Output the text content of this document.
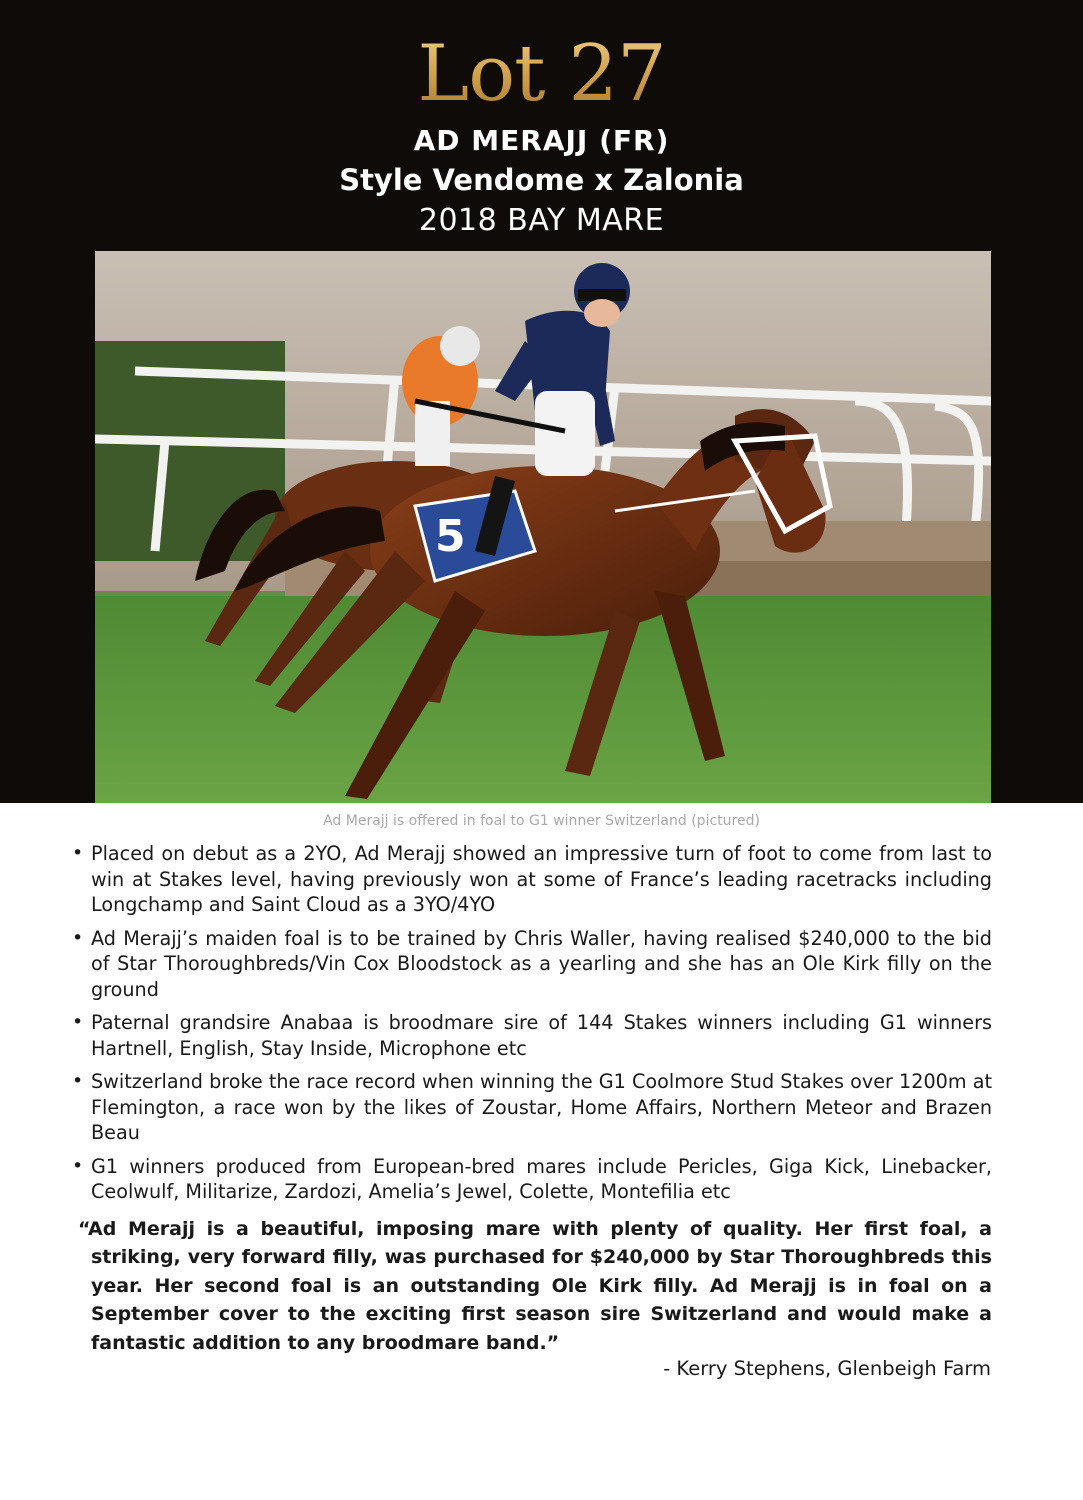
Lot 27
AD MERAJJ (FR)
Style Vendome x Zalonia
2018 BAY MARE
5
Ad Merajj is offered in foal to G1 winner Switzerland (pictured)
• Placed on debut as a 2YO, Ad Merajj showed an impressive turn of foot to come from last to win at Stakes level, having previously won at some of France’s leading racetracks including Longchamp and Saint Cloud as a 3YO/4YO
• Ad Merajj’s maiden foal is to be trained by Chris Waller, having realised $240,000 to the bid of Star Thoroughbreds/Vin Cox Bloodstock as a yearling and she has an Ole Kirk filly on the ground
• Paternal grandsire Anabaa is broodmare sire of 144 Stakes winners including G1 winners Hartnell, English, Stay Inside, Microphone etc
• Switzerland broke the race record when winning the G1 Coolmore Stud Stakes over 1200m at Flemington, a race won by the likes of Zoustar, Home Affairs, Northern Meteor and Brazen Beau
• G1 winners produced from European-bred mares include Pericles, Giga Kick, Linebacker, Ceolwulf, Militarize, Zardozi, Amelia’s Jewel, Colette, Montefilia etc

“Ad Merajj is a beautiful, imposing mare with plenty of quality. Her first foal, a striking, very forward filly, was purchased for $240,000 by Star Thoroughbreds this year. Her second foal is an outstanding Ole Kirk filly. Ad Merajj is in foal on a September cover to the exciting first season sire Switzerland and would make a fantastic addition to any broodmare band.”

- Kerry Stephens, Glenbeigh Farm
